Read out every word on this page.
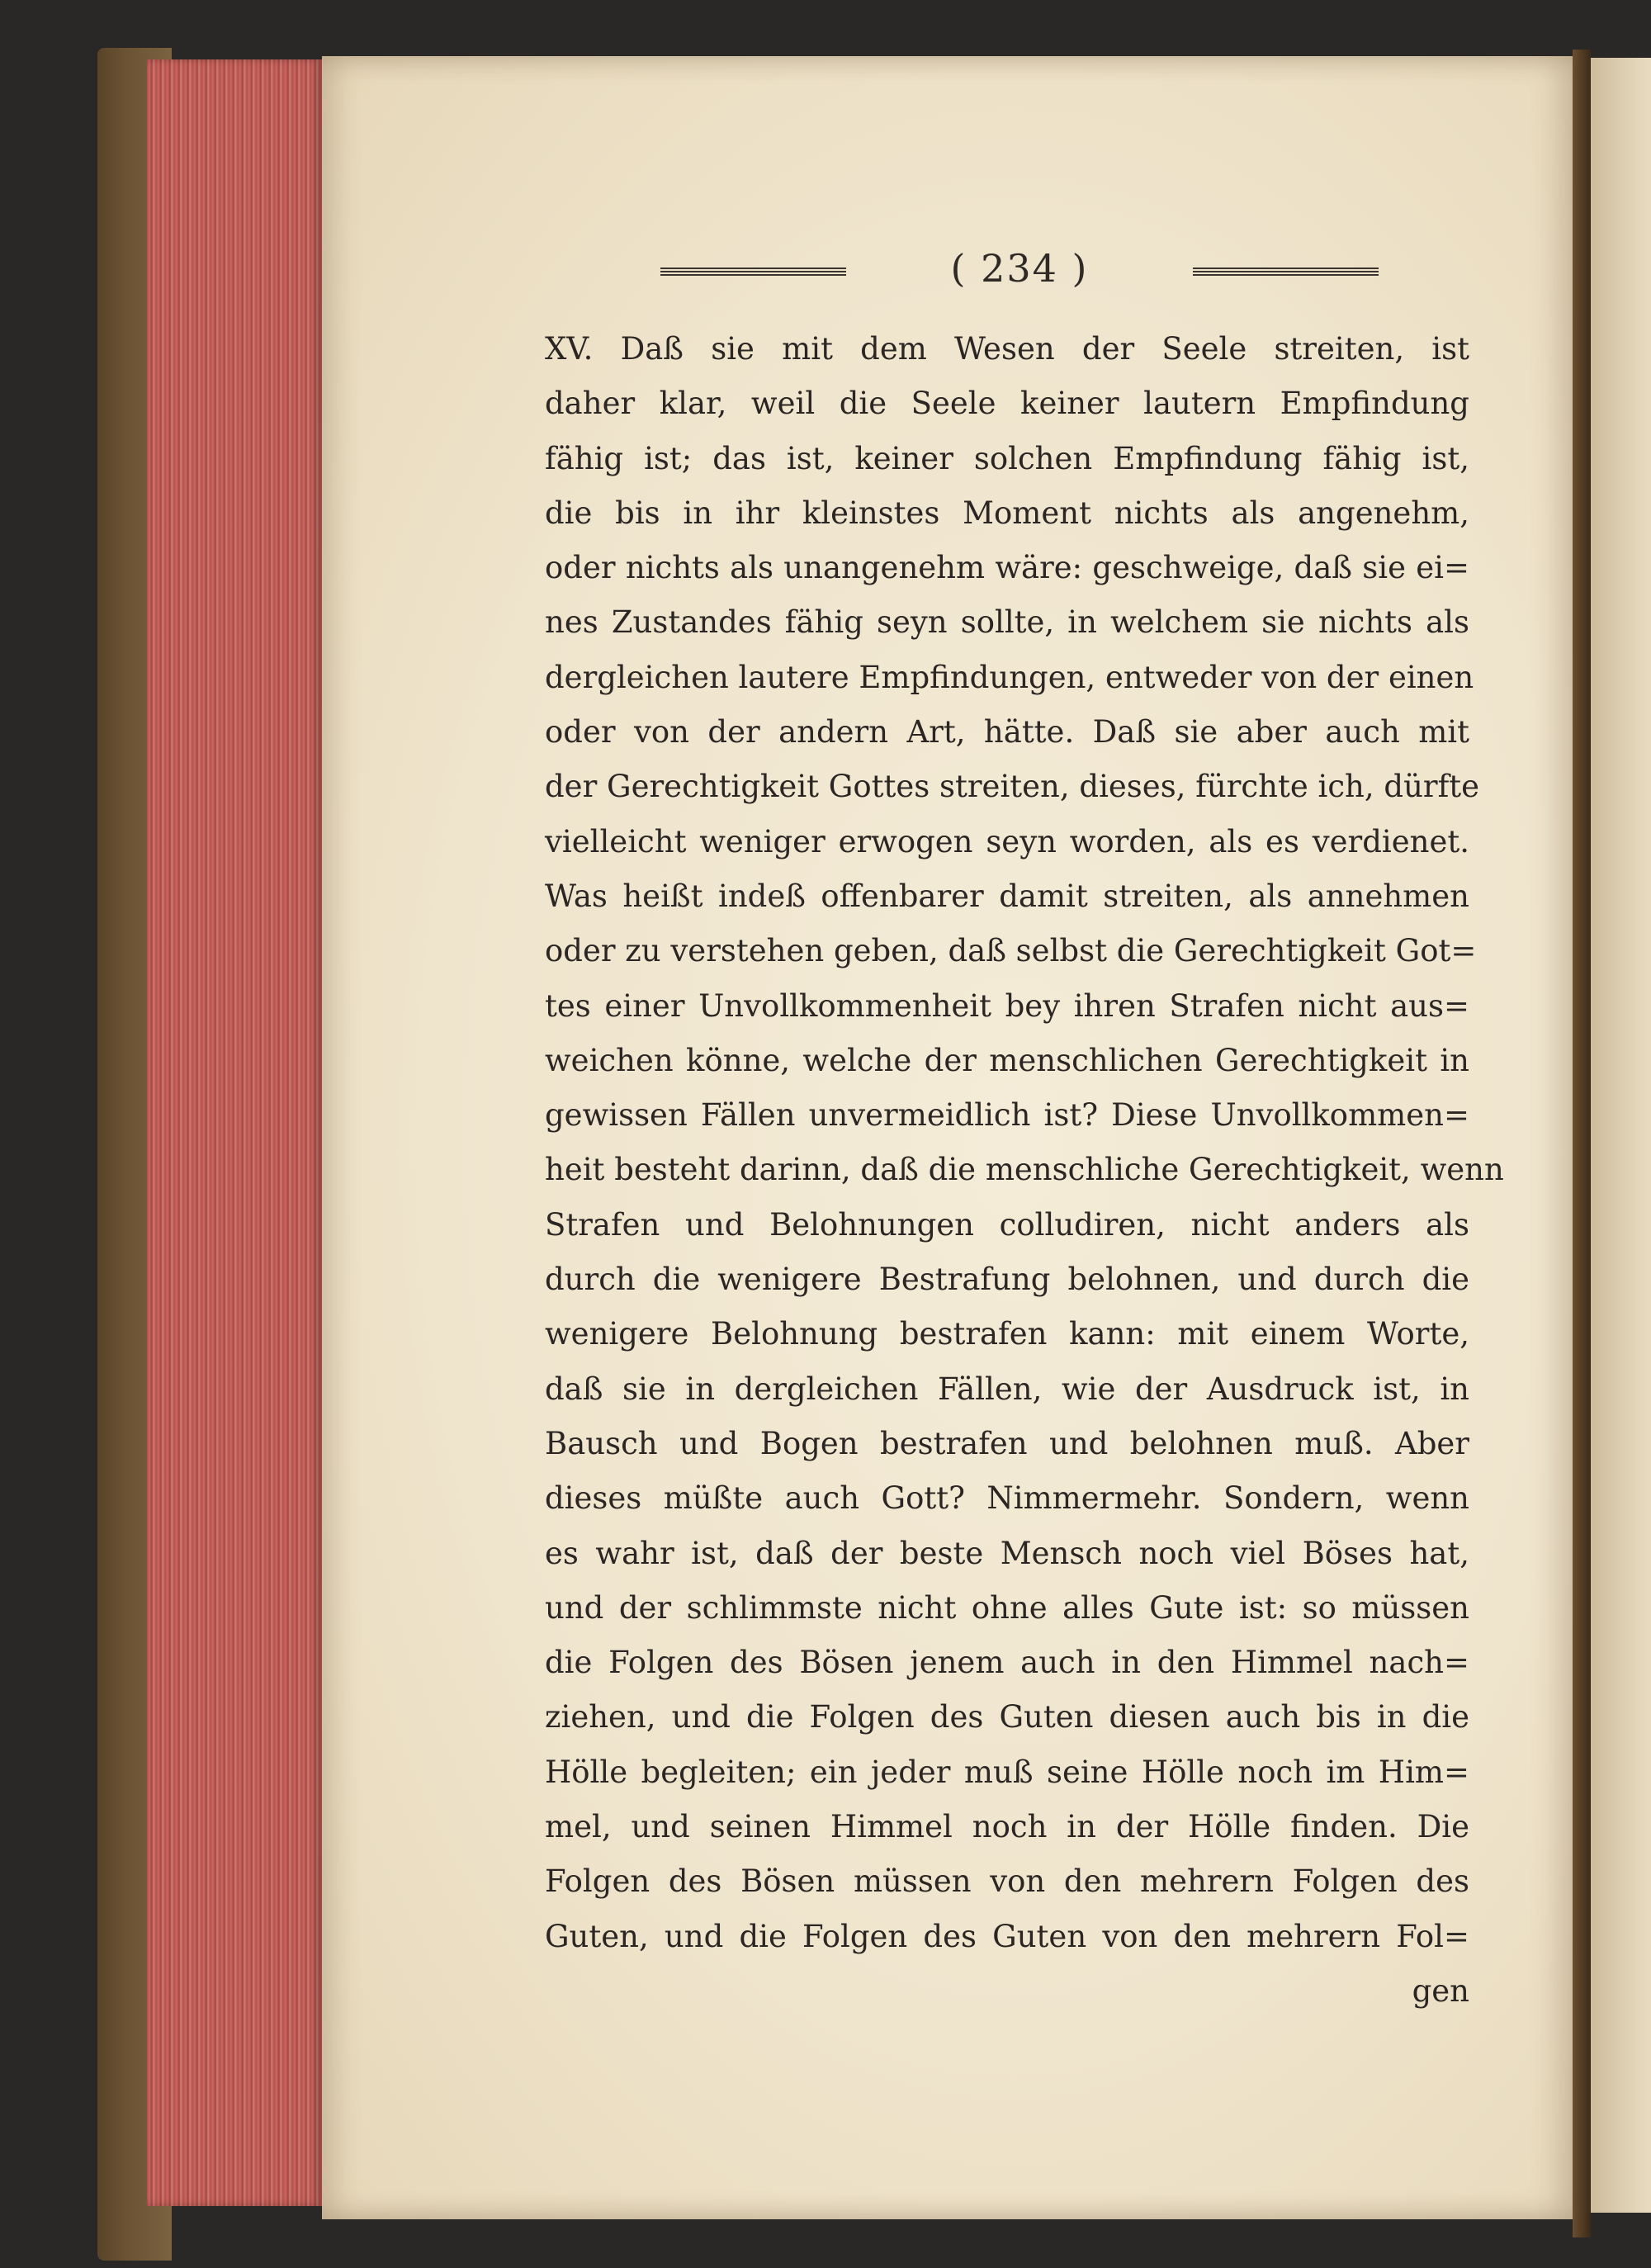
( 234 )
XV. Daß sie mit dem Wesen der Seele streiten, ist
daher klar, weil die Seele keiner lautern Empfindung
fähig ist; das ist, keiner solchen Empfindung fähig ist,
die bis in ihr kleinstes Moment nichts als angenehm,
oder nichts als unangenehm wäre: geschweige, daß sie ei=
nes Zustandes fähig seyn sollte, in welchem sie nichts als
dergleichen lautere Empfindungen, entweder von der einen
oder von der andern Art, hätte. Daß sie aber auch mit
der Gerechtigkeit Gottes streiten, dieses, fürchte ich, dürfte
vielleicht weniger erwogen seyn worden, als es verdienet.
Was heißt indeß offenbarer damit streiten, als annehmen
oder zu verstehen geben, daß selbst die Gerechtigkeit Got=
tes einer Unvollkommenheit bey ihren Strafen nicht aus=
weichen könne, welche der menschlichen Gerechtigkeit in
gewissen Fällen unvermeidlich ist? Diese Unvollkommen=
heit besteht darinn, daß die menschliche Gerechtigkeit, wenn
Strafen und Belohnungen colludiren, nicht anders als
durch die wenigere Bestrafung belohnen, und durch die
wenigere Belohnung bestrafen kann: mit einem Worte,
daß sie in dergleichen Fällen, wie der Ausdruck ist, in
Bausch und Bogen bestrafen und belohnen muß. Aber
dieses müßte auch Gott? Nimmermehr. Sondern, wenn
es wahr ist, daß der beste Mensch noch viel Böses hat,
und der schlimmste nicht ohne alles Gute ist: so müssen
die Folgen des Bösen jenem auch in den Himmel nach=
ziehen, und die Folgen des Guten diesen auch bis in die
Hölle begleiten; ein jeder muß seine Hölle noch im Him=
mel, und seinen Himmel noch in der Hölle finden. Die
Folgen des Bösen müssen von den mehrern Folgen des
Guten, und die Folgen des Guten von den mehrern Fol=
gen
